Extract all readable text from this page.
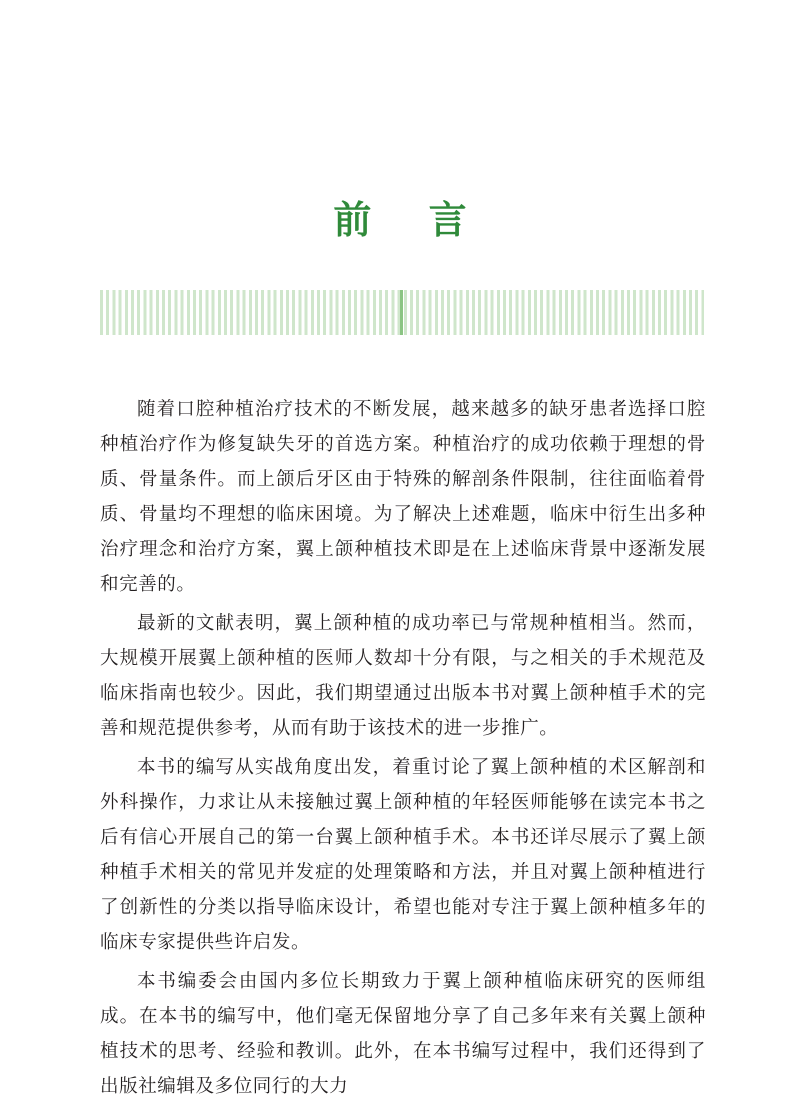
前 言

随着口腔种植治疗技术的不断发展，越来越多的缺牙患者选择口腔种植治疗作为修复缺失牙的首选方案。种植治疗的成功依赖于理想的骨质、骨量条件。而上颌后牙区由于特殊的解剖条件限制，往往面临着骨质、骨量均不理想的临床困境。为了解决上述难题，临床中衍生出多种治疗理念和治疗方案，翼上颌种植技术即是在上述临床背景中逐渐发展和完善的。

最新的文献表明，翼上颌种植的成功率已与常规种植相当。然而，大规模开展翼上颌种植的医师人数却十分有限，与之相关的手术规范及临床指南也较少。因此，我们期望通过出版本书对翼上颌种植手术的完善和规范提供参考，从而有助于该技术的进一步推广。

本书的编写从实战角度出发，着重讨论了翼上颌种植的术区解剖和外科操作，力求让从未接触过翼上颌种植的年轻医师能够在读完本书之后有信心开展自己的第一台翼上颌种植手术。本书还详尽展示了翼上颌种植手术相关的常见并发症的处理策略和方法，并且对翼上颌种植进行了创新性的分类以指导临床设计，希望也能对专注于翼上颌种植多年的临床专家提供些许启发。

本书编委会由国内多位长期致力于翼上颌种植临床研究的医师组成。在本书的编写中，他们毫无保留地分享了自己多年来有关翼上颌种植技术的思考、经验和教训。此外，在本书编写过程中，我们还得到了出版社编辑及多位同行的大力
